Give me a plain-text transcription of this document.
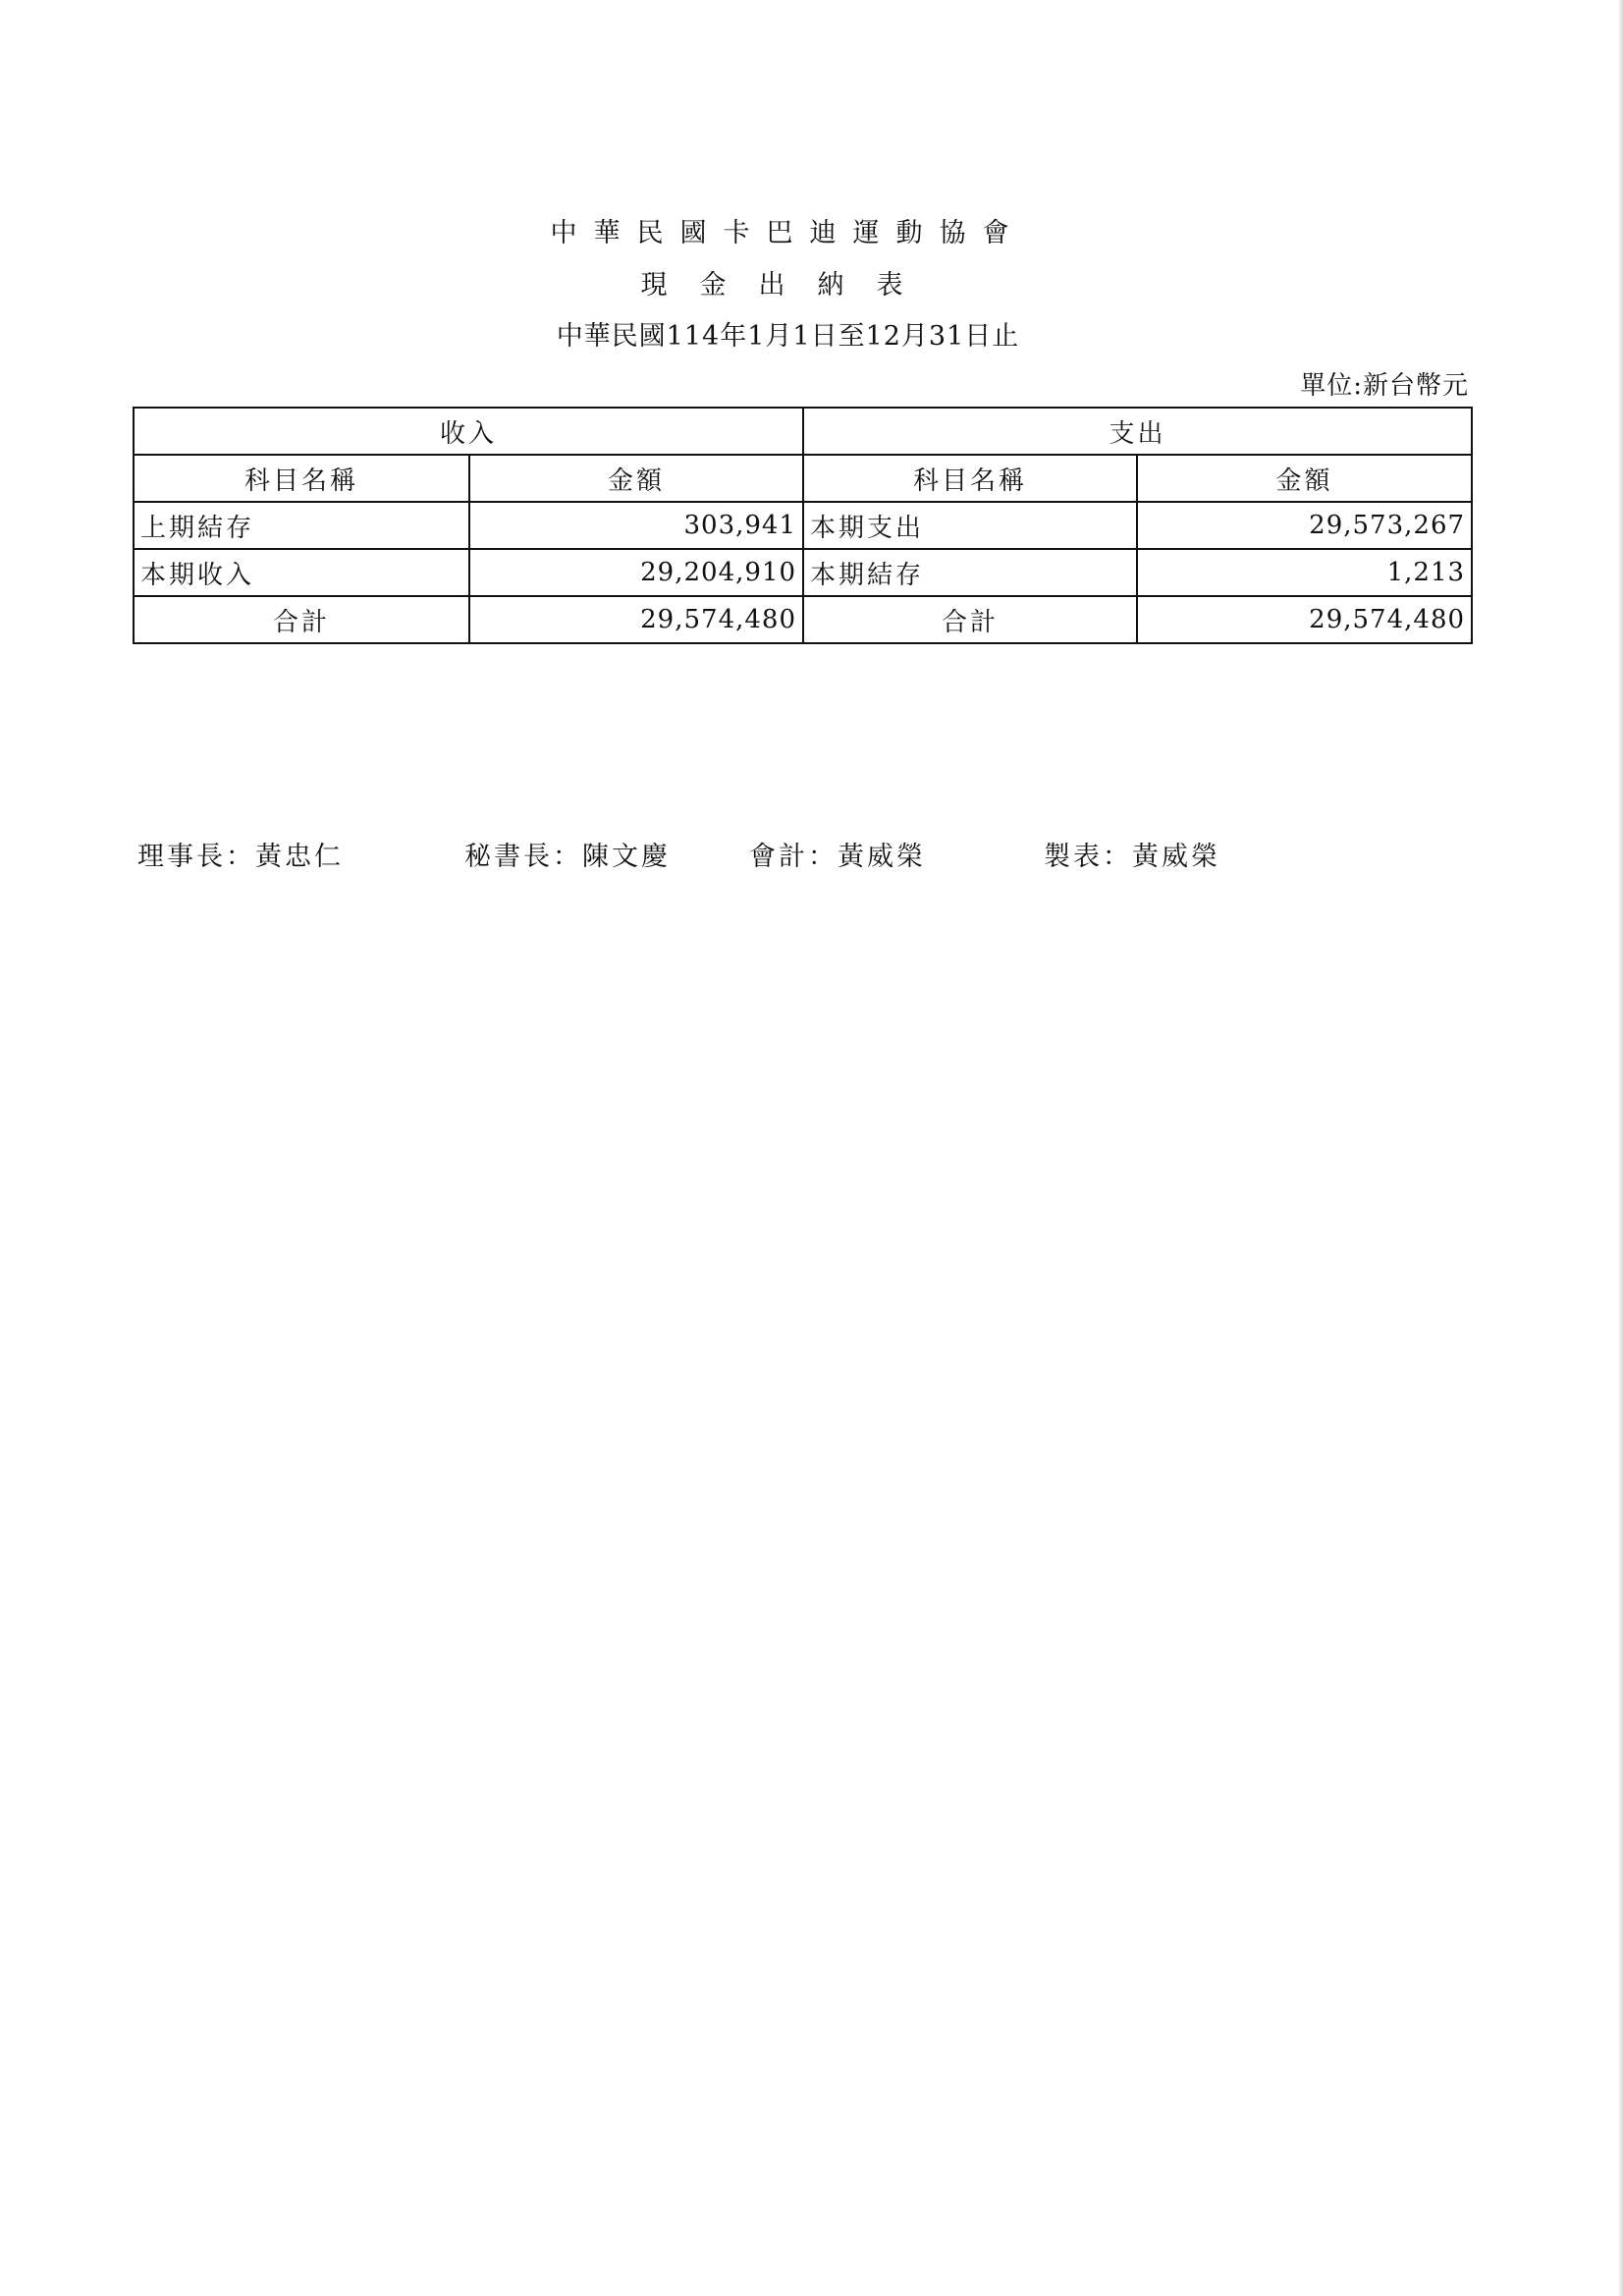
中華民國卡巴迪運動協會
現金出納表
中華民國114年1月1日至12月31日止
單位:新台幣元
收入		支出	
科目名稱	金額	科目名稱	金額
上期結存	303,941	本期支出	29,573,267
本期收入	29,204,910	本期結存	1,213
合計	29,574,480	合計	29,574,480
理事長：黃忠仁	秘書長：陳文慶	會計：黃威榮	製表：黃威榮
